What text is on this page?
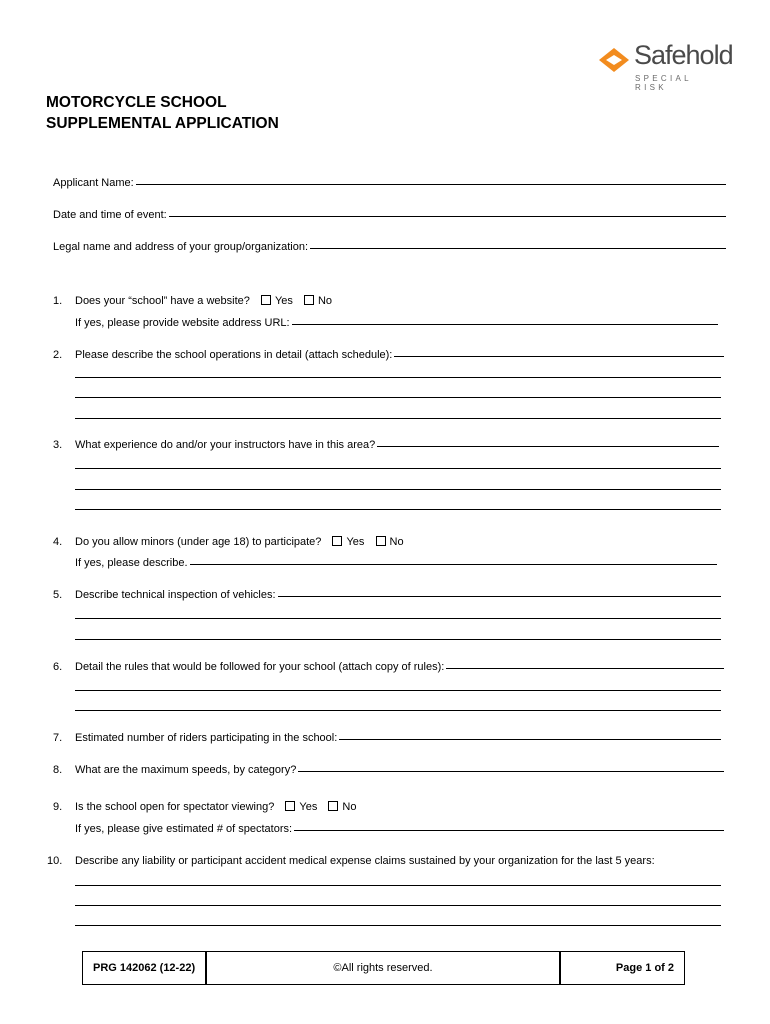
Safehold
SPECIAL RISK
MOTORCYCLE SCHOOL
SUPPLEMENTAL APPLICATION
Applicant Name:
Date and time of event:
Legal name and address of your group/organization:
1. Does your “school” have a website? Yes No
If yes, please provide website address URL:
2. Please describe the school operations in detail (attach schedule):
3. What experience do and/or your instructors have in this area?
4. Do you allow minors (under age 18) to participate? Yes No
If yes, please describe.
5. Describe technical inspection of vehicles:
6. Detail the rules that would be followed for your school (attach copy of rules):
7. Estimated number of riders participating in the school:
8. What are the maximum speeds, by category?
9. Is the school open for spectator viewing? Yes No
If yes, please give estimated # of spectators:
10. Describe any liability or participant accident medical expense claims sustained by your organization for the last 5 years:
PRG 142062 (12-22)	©All rights reserved.	Page 1 of 2
